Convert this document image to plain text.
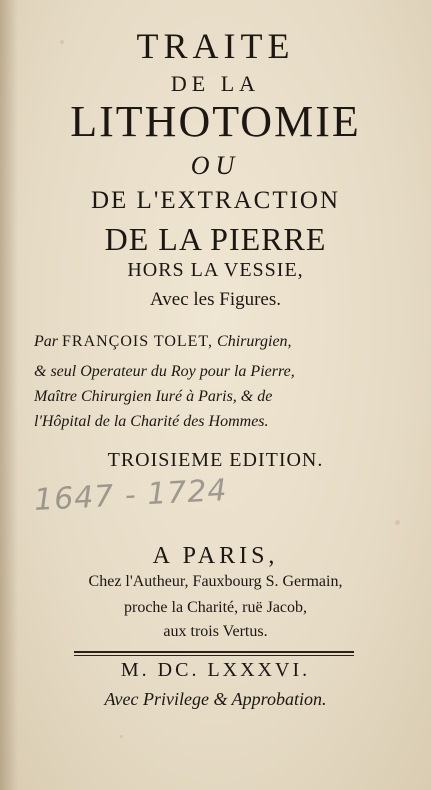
TRAITE
DE LA
LITHOTOMIE
OU
DE L'EXTRACTION
DE LA PIERRE
HORS LA VESSIE,
Avec les Figures.
Par FRANÇOIS TOLET, Chirurgien,
& seul Operateur du Roy pour la Pierre,
Maître Chirurgien Iuré à Paris, & de
l'Hôpital de la Charité des Hommes.
TROISIEME EDITION.
1647 - 1724
A PARIS,
Chez l'Autheur, Fauxbourg S. Germain,
proche la Charité, ruë Jacob,
aux trois Vertus.
M. DC. LXXXVI.
Avec Privilege & Approbation.
